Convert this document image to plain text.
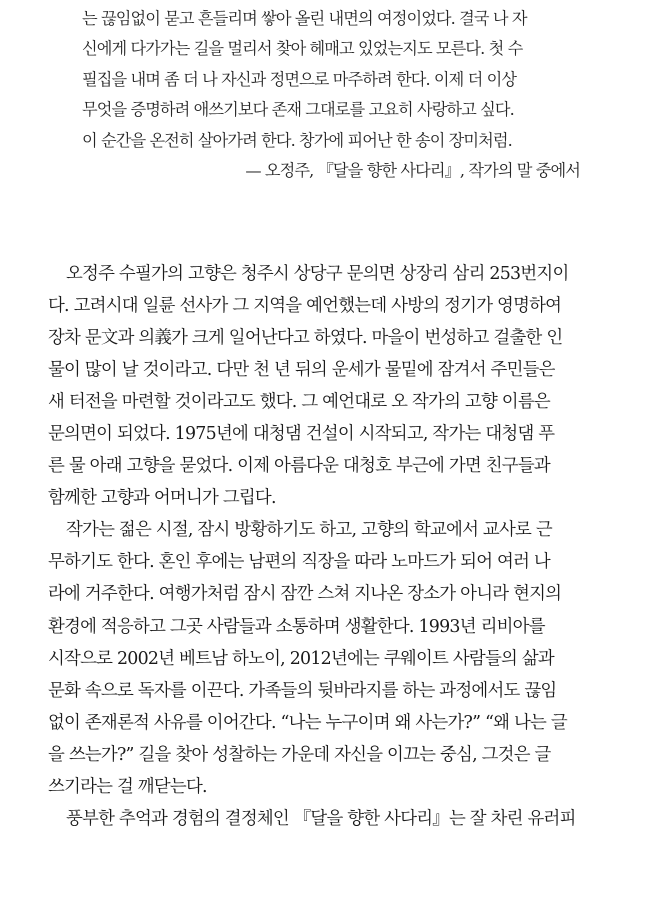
는 끊임없이 묻고 흔들리며 쌓아 올린 내면의 여정이었다. 결국 나 자
신에게 다가가는 길을 멀리서 찾아 헤매고 있었는지도 모른다. 첫 수
필집을 내며 좀 더 나 자신과 정면으로 마주하려 한다. 이제 더 이상
무엇을 증명하려 애쓰기보다 존재 그대로를 고요히 사랑하고 싶다.
이 순간을 온전히 살아가려 한다. 창가에 피어난 한 송이 장미처럼.
— 오정주, 『달을 향한 사다리』, 작가의 말 중에서
오정주 수필가의 고향은 청주시 상당구 문의면 상장리 삼리 253번지이
다. 고려시대 일륜 선사가 그 지역을 예언했는데 사방의 정기가 영명하여
장차 문文과 의義가 크게 일어난다고 하였다. 마을이 번성하고 걸출한 인
물이 많이 날 것이라고. 다만 천 년 뒤의 운세가 물밑에 잠겨서 주민들은
새 터전을 마련할 것이라고도 했다. 그 예언대로 오 작가의 고향 이름은
문의면이 되었다. 1975년에 대청댐 건설이 시작되고, 작가는 대청댐 푸
른 물 아래 고향을 묻었다. 이제 아름다운 대청호 부근에 가면 친구들과
함께한 고향과 어머니가 그립다.
작가는 젊은 시절, 잠시 방황하기도 하고, 고향의 학교에서 교사로 근
무하기도 한다. 혼인 후에는 남편의 직장을 따라 노마드가 되어 여러 나
라에 거주한다. 여행가처럼 잠시 잠깐 스쳐 지나온 장소가 아니라 현지의
환경에 적응하고 그곳 사람들과 소통하며 생활한다. 1993년 리비아를
시작으로 2002년 베트남 하노이, 2012년에는 쿠웨이트 사람들의 삶과
문화 속으로 독자를 이끈다. 가족들의 뒷바라지를 하는 과정에서도 끊임
없이 존재론적 사유를 이어간다. “나는 누구이며 왜 사는가?” “왜 나는 글
을 쓰는가?” 길을 찾아 성찰하는 가운데 자신을 이끄는 중심, 그것은 글
쓰기라는 걸 깨닫는다.
풍부한 추억과 경험의 결정체인 『달을 향한 사다리』는 잘 차린 유러피
